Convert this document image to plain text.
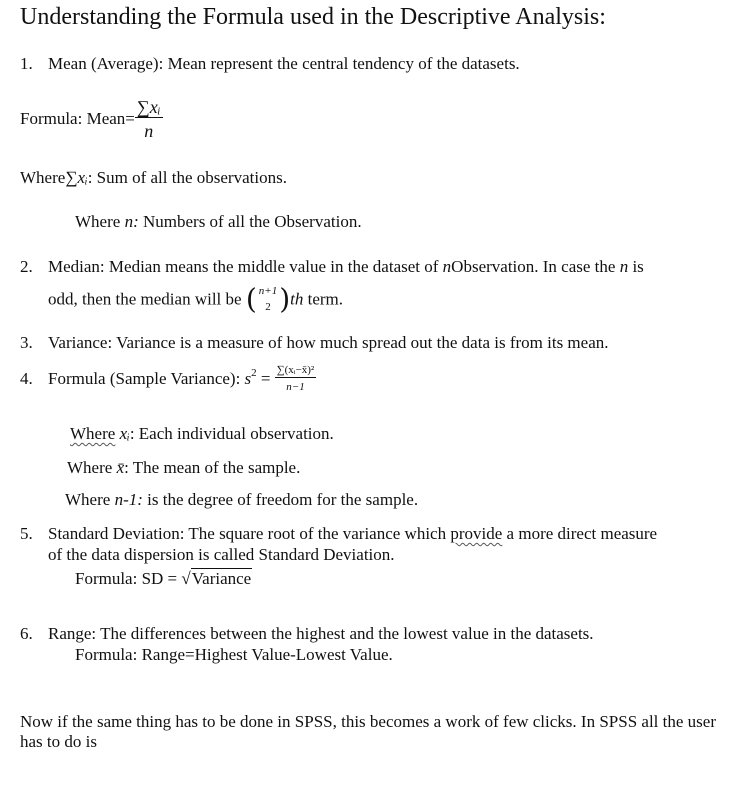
Understanding the Formula used in the Descriptive Analysis:
1. Mean (Average): Mean represent the central tendency of the datasets.
Formula: Mean= $\frac{\text{∑xᵢ}}{n}$
Where∑xᵢ: Sum of all the observations.
Where n: Numbers of all the Observation.
2. Median: Median means the middle value in the dataset of nObservation. In case the n is
odd, then the median will be ( n+1
2 )th term.
3. Variance: Variance is a measure of how much spread out the data is from its mean.
4. Formula (Sample Variance): $s^2 = \frac{\text{∑(xᵢ−x̄)²}}{n-1}$
Where xᵢ: Each individual observation.
Where x̄: The mean of the sample.
Where n-1: is the degree of freedom for the sample.
5. Standard Deviation: The square root of the variance which provide a more direct measure
of the data dispersion is called Standard Deviation.
Formula: SD = √Variance
6. Range: The differences between the highest and the lowest value in the datasets.
Formula: Range=Highest Value-Lowest Value.
Now if the same thing has to be done in SPSS, this becomes a work of few clicks. In SPSS all the user has to do is
